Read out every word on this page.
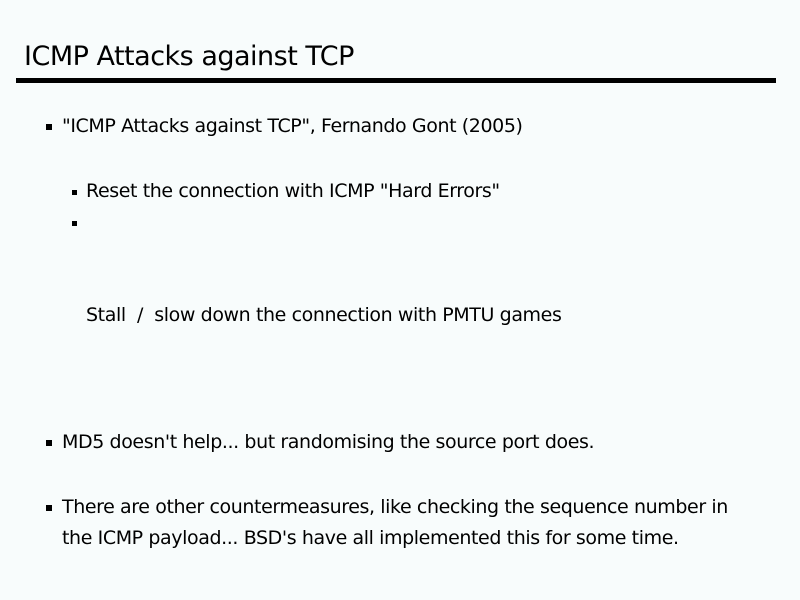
ICMP Attacks against TCP
"ICMP Attacks against TCP", Fernando Gont (2005)
Reset the connection with ICMP "Hard Errors"

Stall  /  slow down the connection with PMTU games

MD5 doesn't help... but randomising the source port does.
There are other countermeasures, like checking the sequence number in the ICMP payload... BSD's have all implemented this for some time.
